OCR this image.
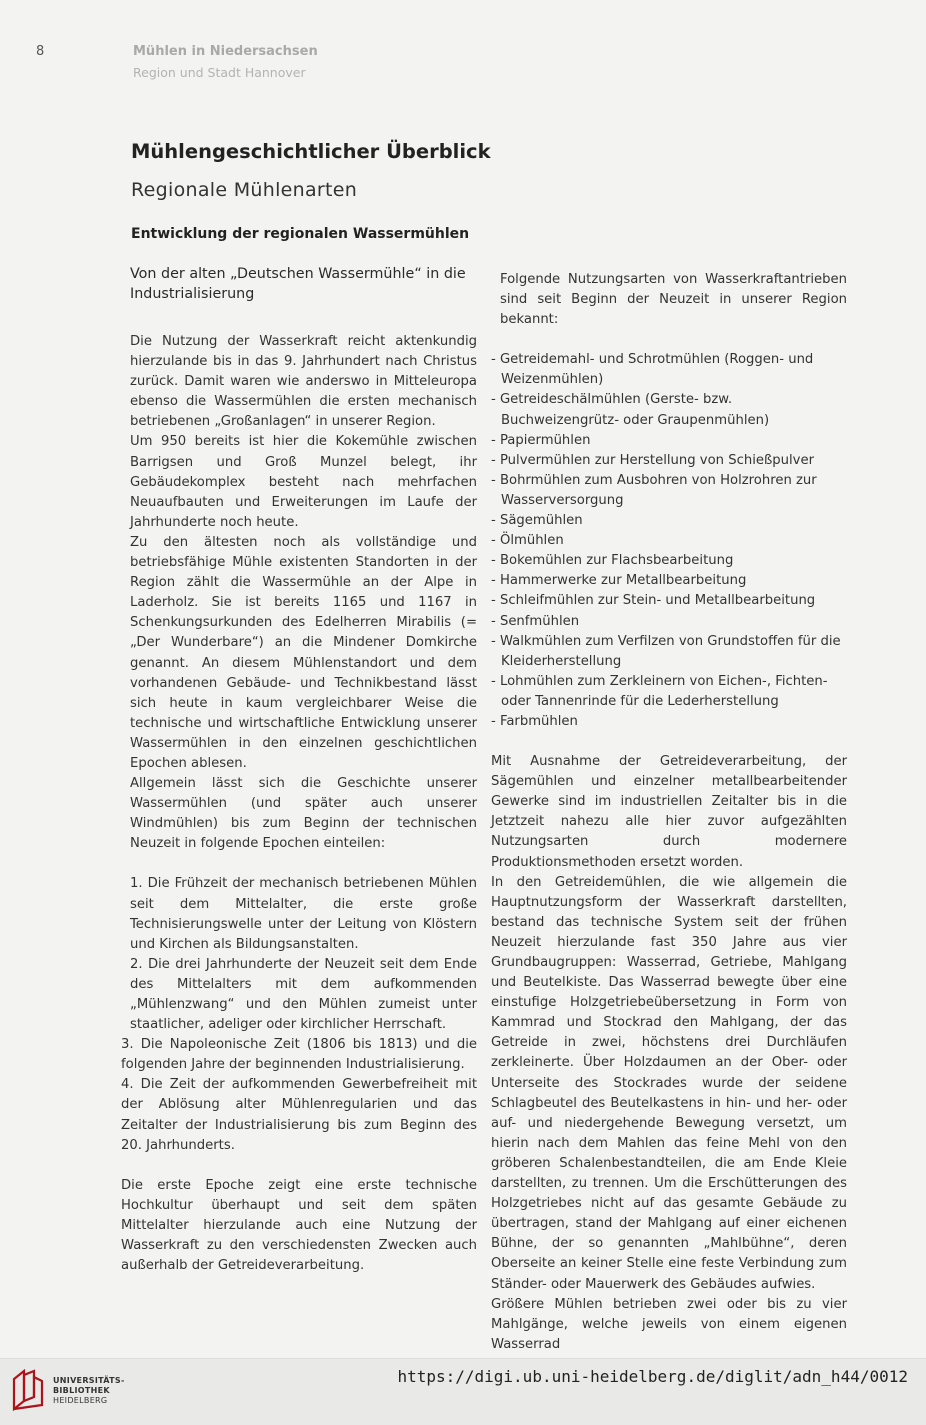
8	Mühlen in Niedersachsen
Region und Stadt Hannover
Mühlengeschichtlicher Überblick
Regionale Mühlenarten
Entwicklung der regionalen Wassermühlen

Von der alten „Deutschen Wassermühle“ in die Industrialisierung

Die Nutzung der Wasserkraft reicht aktenkundig hierzulande bis in das 9. Jahrhundert nach Christus zurück. Damit waren wie anderswo in Mitteleuropa ebenso die Wassermühlen die ersten mechanisch betriebenen „Großanlagen“ in unserer Region.

Um 950 bereits ist hier die Kokemühle zwischen Barrigsen und Groß Munzel belegt, ihr Gebäudekomplex besteht nach mehrfachen Neuaufbauten und Erweiterungen im Laufe der Jahrhunderte noch heute.

Zu den ältesten noch als vollständige und betriebsfähige Mühle existenten Standorten in der Region zählt die Wassermühle an der Alpe in Laderholz. Sie ist bereits 1165 und 1167 in Schenkungsurkunden des Edelherren Mirabilis (= „Der Wunderbare“) an die Mindener Domkirche genannt. An diesem Mühlenstandort und dem vorhandenen Gebäude- und Technikbestand lässt sich heute in kaum vergleichbarer Weise die technische und wirtschaftliche Entwicklung unserer Wassermühlen in den einzelnen geschichtlichen Epochen ablesen.

Allgemein lässt sich die Geschichte unserer Wassermühlen (und später auch unserer Windmühlen) bis zum Beginn der technischen Neuzeit in folgende Epochen einteilen:

1. Die Frühzeit der mechanisch betriebenen Mühlen seit dem Mittelalter, die erste große Technisierungswelle unter der Leitung von Klöstern und Kirchen als Bildungsanstalten.

2. Die drei Jahrhunderte der Neuzeit seit dem Ende des Mittelalters mit dem aufkommenden „Mühlenzwang“ und den Mühlen zumeist unter staatlicher, adeliger oder kirchlicher Herrschaft.

3. Die Napoleonische Zeit (1806 bis 1813) und die folgenden Jahre der beginnenden Industrialisierung.

4. Die Zeit der aufkommenden Gewerbefreiheit mit der Ablösung alter Mühlenregularien und das Zeitalter der Industrialisierung bis zum Beginn des 20. Jahrhunderts.

Die erste Epoche zeigt eine erste technische Hochkultur überhaupt und seit dem späten Mittelalter hierzulande auch eine Nutzung der Wasserkraft zu den verschiedensten Zwecken auch außerhalb der Getreideverarbeitung.

Folgende Nutzungsarten von Wasserkraftantrieben sind seit Beginn der Neuzeit in unserer Region bekannt:

- Getreidemahl- und Schrotmühlen (Roggen- und Weizenmühlen)
- Getreideschälmühlen (Gerste- bzw. Buchweizengrütz- oder Graupenmühlen)
- Papiermühlen
- Pulvermühlen zur Herstellung von Schießpulver
- Bohrmühlen zum Ausbohren von Holzrohren zur Wasserversorgung
- Sägemühlen
- Ölmühlen
- Bokemühlen zur Flachsbearbeitung
- Hammerwerke zur Metallbearbeitung
- Schleifmühlen zur Stein- und Metallbearbeitung
- Senfmühlen
- Walkmühlen zum Verfilzen von Grundstoffen für die Kleiderherstellung
- Lohmühlen zum Zerkleinern von Eichen-, Fichten- oder Tannenrinde für die Lederherstellung
- Farbmühlen

Mit Ausnahme der Getreideverarbeitung, der Sägemühlen und einzelner metallbearbeitender Gewerke sind im industriellen Zeitalter bis in die Jetztzeit nahezu alle hier zuvor aufgezählten Nutzungsarten durch modernere Produktionsmethoden ersetzt worden.

In den Getreidemühlen, die wie allgemein die Hauptnutzungsform der Wasserkraft darstellten, bestand das technische System seit der frühen Neuzeit hierzulande fast 350 Jahre aus vier Grundbaugruppen: Wasserrad, Getriebe, Mahlgang und Beutelkiste. Das Wasserrad bewegte über eine einstufige Holzgetriebeübersetzung in Form von Kammrad und Stockrad den Mahlgang, der das Getreide in zwei, höchstens drei Durchläufen zerkleinerte. Über Holzdaumen an der Ober- oder Unterseite des Stockrades wurde der seidene Schlagbeutel des Beutelkastens in hin- und her- oder auf- und niedergehende Bewegung versetzt, um hierin nach dem Mahlen das feine Mehl von den gröberen Schalenbestandteilen, die am Ende Kleie darstellten, zu trennen. Um die Erschütterungen des Holzgetriebes nicht auf das gesamte Gebäude zu übertragen, stand der Mahlgang auf einer eichenen Bühne, der so genannten „Mahlbühne“, deren Oberseite an keiner Stelle eine feste Verbindung zum Ständer- oder Mauerwerk des Gebäudes aufwies.

Größere Mühlen betrieben zwei oder bis zu vier Mahlgänge, welche jeweils von einem eigenen Wasserrad

UNIVERSITÄTS-
BIBLIOTHEK
HEIDELBERG
https://digi.ub.uni-heidelberg.de/diglit/adn_h44/0012
